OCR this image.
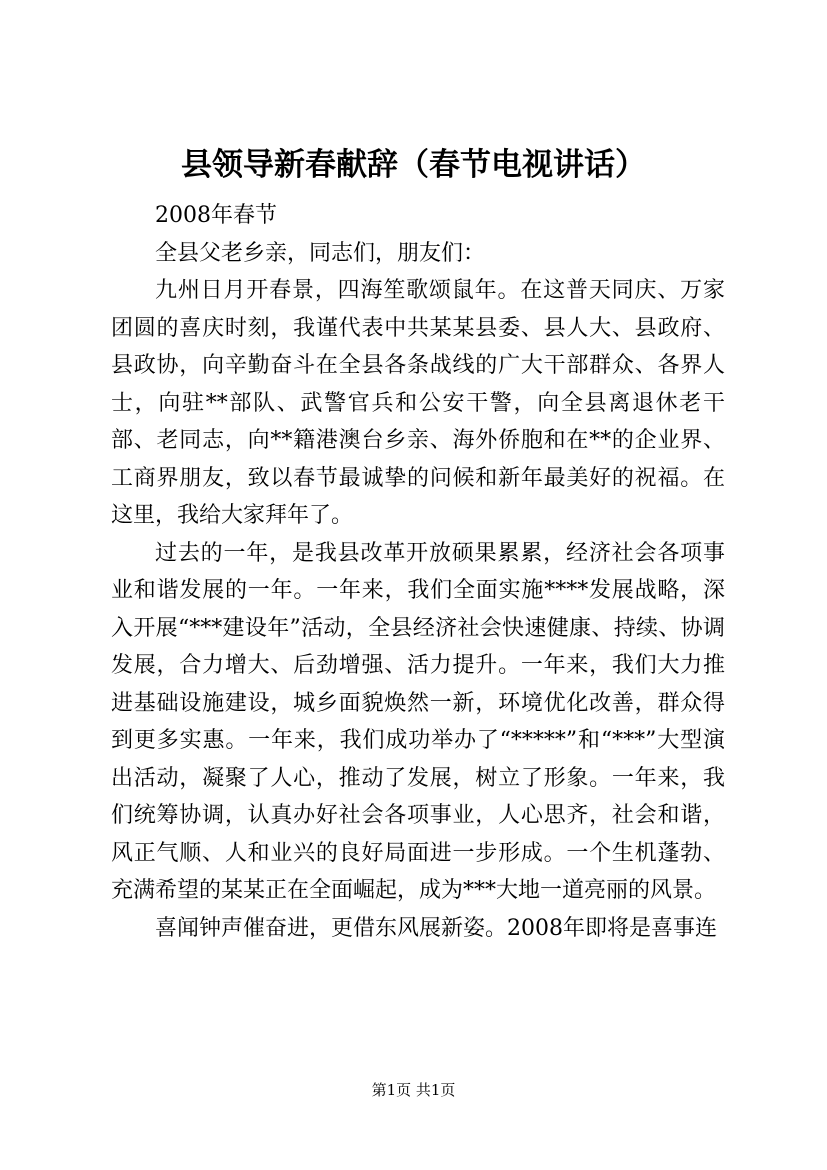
县领导新春献辞（春节电视讲话）

2008年春节

全县父老乡亲，同志们，朋友们：

九州日月开春景，四海笙歌颂鼠年。在这普天同庆、万家团圆的喜庆时刻，我谨代表中共某某县委、县人大、县政府、县政协，向辛勤奋斗在全县各条战线的广大干部群众、各界人士，向驻**部队、武警官兵和公安干警，向全县离退休老干部、老同志，向**籍港澳台乡亲、海外侨胞和在**的企业界、工商界朋友，致以春节最诚挚的问候和新年最美好的祝福。在这里，我给大家拜年了。

过去的一年，是我县改革开放硕果累累，经济社会各项事业和谐发展的一年。一年来，我们全面实施****发展战略，深入开展“***建设年”活动，全县经济社会快速健康、持续、协调发展，合力增大、后劲增强、活力提升。一年来，我们大力推进基础设施建设，城乡面貌焕然一新，环境优化改善，群众得到更多实惠。一年来，我们成功举办了“*****”和“***”大型演出活动，凝聚了人心，推动了发展，树立了形象。一年来，我们统筹协调，认真办好社会各项事业，人心思齐，社会和谐，风正气顺、人和业兴的良好局面进一步形成。一个生机蓬勃、充满希望的某某正在全面崛起，成为***大地一道亮丽的风景。

喜闻钟声催奋进，更借东风展新姿。2008年即将是喜事连

第1页 共1页
